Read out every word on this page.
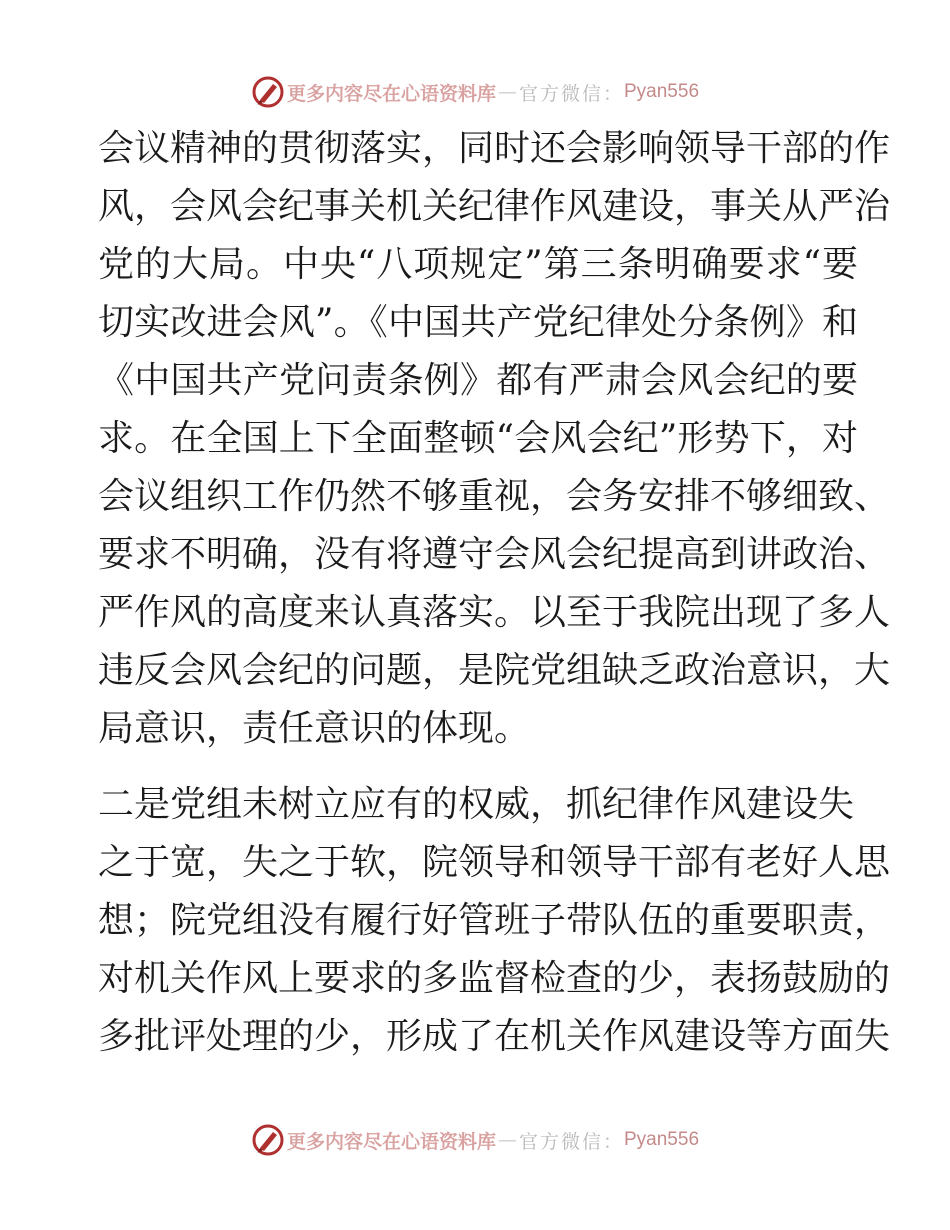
更多内容尽在心语资料库 — 官方微信： Pyan556
会议精神的贯彻落实，同时还会影响领导干部的作
风，会风会纪事关机关纪律作风建设，事关从严治
党的大局。中央“八项规定”第三条明确要求“要
切实改进会风”。《中国共产党纪律处分条例》和
《中国共产党问责条例》都有严肃会风会纪的要
求。在全国上下全面整顿“会风会纪”形势下，对
会议组织工作仍然不够重视，会务安排不够细致、
要求不明确，没有将遵守会风会纪提高到讲政治、
严作风的高度来认真落实。以至于我院出现了多人
违反会风会纪的问题，是院党组缺乏政治意识，大
局意识，责任意识的体现。
二是党组未树立应有的权威，抓纪律作风建设失
之于宽，失之于软，院领导和领导干部有老好人思
想；院党组没有履行好管班子带队伍的重要职责，
对机关作风上要求的多监督检查的少，表扬鼓励的
多批评处理的少，形成了在机关作风建设等方面失
更多内容尽在心语资料库 — 官方微信： Pyan556
